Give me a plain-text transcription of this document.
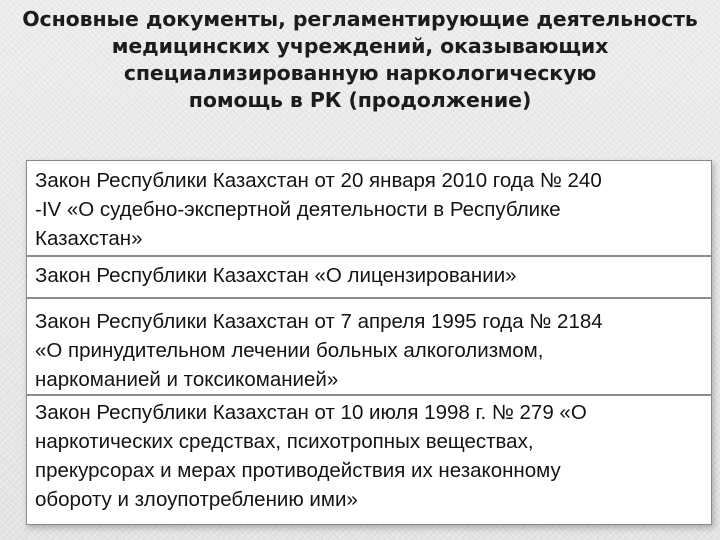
Основные документы, регламентирующие деятельность
медицинских учреждений, оказывающих
специализированную наркологическую
помощь в РК (продолжение)
Закон Республики Казахстан от 20 января 2010 года № 240
-IV «О судебно-экспертной деятельности в Республике
Казахстан»
Закон Республики Казахстан «О лицензировании»
Закон Республики Казахстан от 7 апреля 1995 года № 2184
«О принудительном лечении больных алкоголизмом,
наркоманией и токсикоманией»
Закон Республики Казахстан от 10 июля 1998 г. № 279 «О
наркотических средствах, психотропных веществах,
прекурсорах и мерах противодействия их незаконному
обороту и злоупотреблению ими»
